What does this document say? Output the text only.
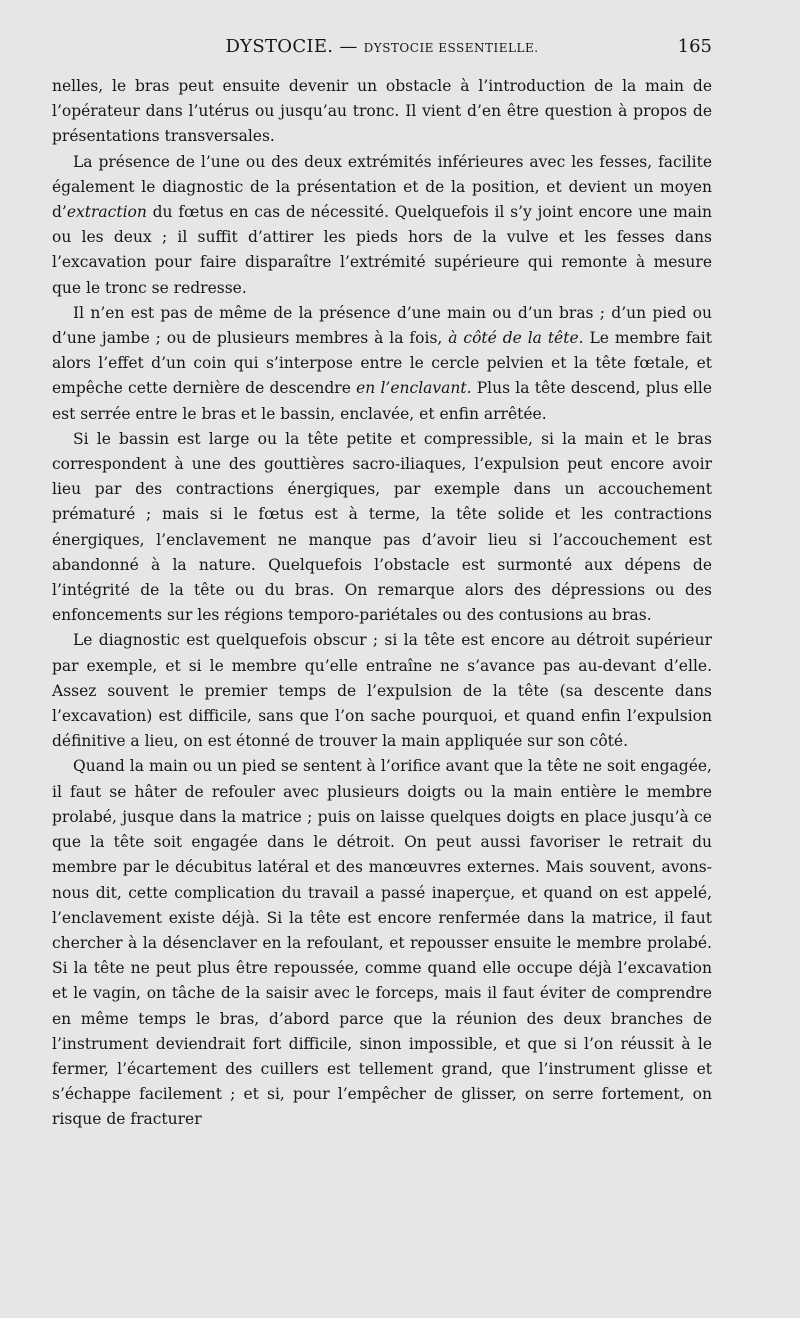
DYSTOCIE. — DYSTOCIE ESSENTIELLE.	165

nelles, le bras peut ensuite devenir un obstacle à l’introduction de la main de l’opérateur dans l’utérus ou jusqu’au tronc. Il vient d’en être question à propos de présentations transversales.

La présence de l’une ou des deux extrémités inférieures avec les fesses, facilite également le diagnostic de la présentation et de la position, et devient un moyen d’extraction du fœtus en cas de nécessité. Quelquefois il s’y joint encore une main ou les deux ; il suffit d’attirer les pieds hors de la vulve et les fesses dans l’excavation pour faire disparaître l’extrémité supérieure qui remonte à mesure que le tronc se redresse.

Il n’en est pas de même de la présence d’une main ou d’un bras ; d’un pied ou d’une jambe ; ou de plusieurs membres à la fois, à côté de la tête. Le membre fait alors l’effet d’un coin qui s’interpose entre le cercle pelvien et la tête fœtale, et empêche cette dernière de descendre en l’enclavant. Plus la tête descend, plus elle est serrée entre le bras et le bassin, enclavée, et enfin arrêtée.

Si le bassin est large ou la tête petite et compressible, si la main et le bras correspondent à une des gouttières sacro-iliaques, l’expulsion peut encore avoir lieu par des contractions énergiques, par exemple dans un accouchement prématuré ; mais si le fœtus est à terme, la tête solide et les contractions énergiques, l’enclavement ne manque pas d’avoir lieu si l’accouchement est abandonné à la nature. Quelquefois l’obstacle est surmonté aux dépens de l’intégrité de la tête ou du bras. On remarque alors des dépressions ou des enfoncements sur les régions temporo-pariétales ou des contusions au bras.

Le diagnostic est quelquefois obscur ; si la tête est encore au détroit supérieur par exemple, et si le membre qu’elle entraîne ne s’avance pas au-devant d’elle. Assez souvent le premier temps de l’expulsion de la tête (sa descente dans l’excavation) est difficile, sans que l’on sache pourquoi, et quand enfin l’expulsion définitive a lieu, on est étonné de trouver la main appliquée sur son côté.

Quand la main ou un pied se sentent à l’orifice avant que la tête ne soit engagée, il faut se hâter de refouler avec plusieurs doigts ou la main entière le membre prolabé, jusque dans la matrice ; puis on laisse quelques doigts en place jusqu’à ce que la tête soit engagée dans le détroit. On peut aussi favoriser le retrait du membre par le décubitus latéral et des manœuvres externes. Mais souvent, avons-nous dit, cette complication du travail a passé inaperçue, et quand on est appelé, l’enclavement existe déjà. Si la tête est encore renfermée dans la matrice, il faut chercher à la désenclaver en la refoulant, et repousser ensuite le membre prolabé. Si la tête ne peut plus être repoussée, comme quand elle occupe déjà l’excavation et le vagin, on tâche de la saisir avec le forceps, mais il faut éviter de comprendre en même temps le bras, d’abord parce que la réunion des deux branches de l’instrument deviendrait fort difficile, sinon impossible, et que si l’on réussit à le fermer, l’écartement des cuillers est tellement grand, que l’instrument glisse et s’échappe facilement ; et si, pour l’empêcher de glisser, on serre fortement, on risque de fracturer
